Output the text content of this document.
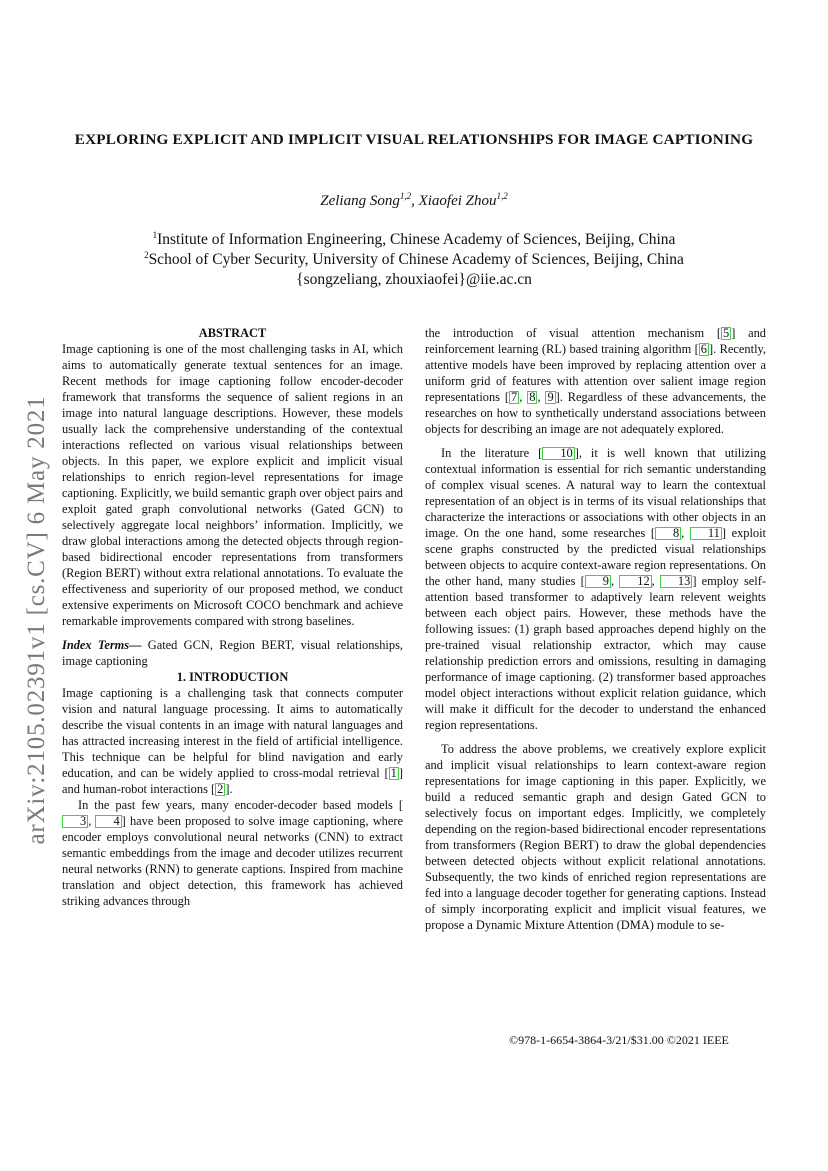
arXiv:2105.02391v1 [cs.CV] 6 May 2021
EXPLORING EXPLICIT AND IMPLICIT VISUAL RELATIONSHIPS FOR IMAGE CAPTIONING
Zeliang Song$^{1,2}$, Xiaofei Zhou$^{1,2}$
$^1$Institute of Information Engineering, Chinese Academy of Sciences, Beijing, China
$^2$School of Cyber Security, University of Chinese Academy of Sciences, Beijing, China
{songzeliang, zhouxiaofei}@iie.ac.cn

ABSTRACT

Image captioning is one of the most challenging tasks in AI, which aims to automatically generate textual sentences for an image. Recent methods for image captioning follow encoder-decoder framework that transforms the sequence of salient regions in an image into natural language descriptions. However, these models usually lack the comprehensive understanding of the contextual interactions reflected on various visual relationships between objects. In this paper, we explore explicit and implicit visual relationships to enrich region-level representations for image captioning. Explicitly, we build semantic graph over object pairs and exploit gated graph convolutional networks (Gated GCN) to selectively aggregate local neighbors’ information. Implicitly, we draw global interactions among the detected objects through region-based bidirectional encoder representations from transformers (Region BERT) without extra relational annotations. To evaluate the effectiveness and superiority of our proposed method, we conduct extensive experiments on Microsoft COCO benchmark and achieve remarkable improvements compared with strong baselines.

Index Terms— Gated GCN, Region BERT, visual relationships, image captioning

1. INTRODUCTION

Image captioning is a challenging task that connects computer vision and natural language processing. It aims to automatically describe the visual contents in an image with natural languages and has attracted increasing interest in the field of artificial intelligence. This technique can be helpful for blind navigation and early education, and can be widely applied to cross-modal retrieval [ 1 ] and human-robot interactions [ 2 ].

In the past few years, many encoder-decoder based models [3 , 4 ] have been proposed to solve image captioning, where encoder employs convolutional neural networks (CNN) to extract semantic embeddings from the image and decoder utilizes recurrent neural networks (RNN) to generate captions. Inspired from machine translation and object detection, this framework has achieved striking advances through

the introduction of visual attention mechanism [ 5 ] and reinforcement learning (RL) based training algorithm [ 6 ]. Recently, attentive models have been improved by replacing attention over a uniform grid of features with attention over salient image region representations [ 7 , 8 , 9 ]. Regardless of these advancements, the researches on how to synthetically understand associations between objects for describing an image are not adequately explored.

In the literature [ 10 ], it is well known that utilizing contextual information is essential for rich semantic understanding of complex visual scenes. A natural way to learn the contextual representation of an object is in terms of its visual relationships that characterize the interactions or associations with other objects in an image. On the one hand, some researches [ 8 , 11 ] exploit scene graphs constructed by the predicted visual relationships between objects to acquire context-aware region representations. On the other hand, many studies [ 9 , 12 , 13 ] employ self-attention based transformer to adaptively learn relevent weights between each object pairs. However, these methods have the following issues: (1) graph based approaches depend highly on the pre-trained visual relationship extractor, which may cause relationship prediction errors and omissions, resulting in damaging performance of image captioning. (2) transformer based approaches model object interactions without explicit relation guidance, which will make it difficult for the decoder to understand the enhanced region representations.

To address the above problems, we creatively explore explicit and implicit visual relationships to learn context-aware region representations for image captioning in this paper. Explicitly, we build a reduced semantic graph and design Gated GCN to selectively focus on important edges. Implicitly, we completely depending on the region-based bidirectional encoder representations from transformers (Region BERT) to draw the global dependencies between detected objects without explicit relational annotations. Subsequently, the two kinds of enriched region representations are fed into a language decoder together for generating captions. Instead of simply incorporating explicit and implicit visual features, we propose a Dynamic Mixture Attention (DMA) module to se-

©978-1-6654-3864-3/21/$31.00 ©2021 IEEE
